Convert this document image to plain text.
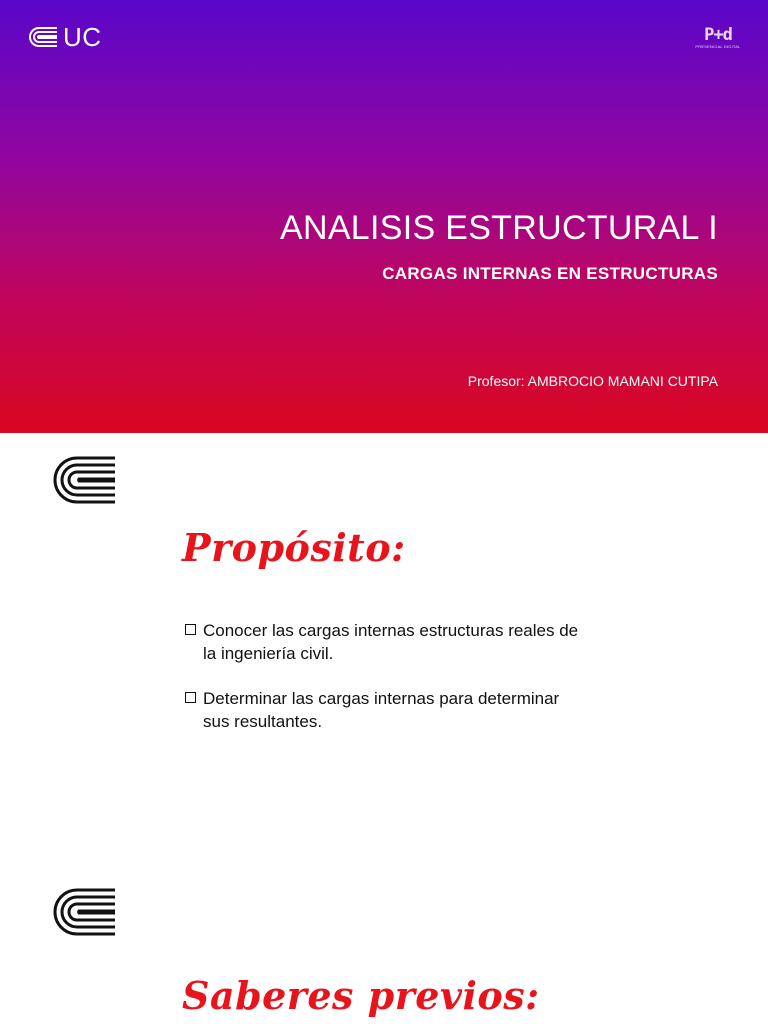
UC	P+d
PRESENCIAL DIGITAL
ANALISIS ESTRUCTURAL I
CARGAS INTERNAS EN ESTRUCTURAS
Profesor: AMBROCIO MAMANI CUTIPA
Propósito:
Conocer las cargas internas estructuras reales de la ingeniería civil.
Determinar las cargas internas para determinar sus resultantes.
Saberes previos:
